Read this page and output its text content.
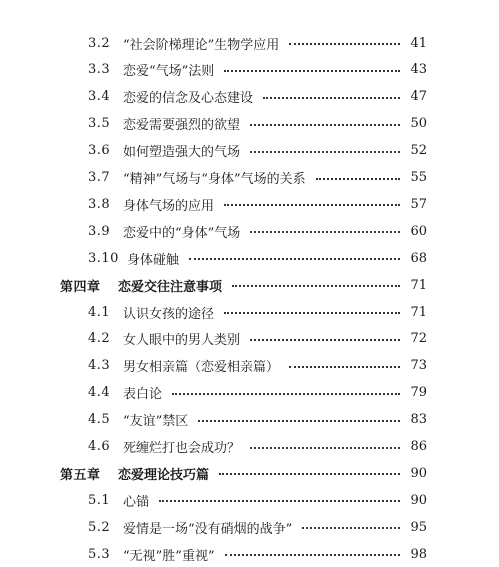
3.2 “社会阶梯理论”生物学应用	41
3.3 恋爱“气场”法则	43
3.4 恋爱的信念及心态建设	47
3.5 恋爱需要强烈的欲望	50
3.6 如何塑造强大的气场	52
3.7 “精神”气场与“身体”气场的关系	55
3.8 身体气场的应用	57
3.9 恋爱中的“身体”气场	60
3.10 身体碰触	68
第四章 恋爱交往注意事项	71
4.1 认识女孩的途径	71
4.2 女人眼中的男人类别	72
4.3 男女相亲篇（恋爱相亲篇）	73
4.4 表白论	79
4.5 “友谊”禁区	83
4.6 死缠烂打也会成功？	86
第五章 恋爱理论技巧篇	90
5.1 心锚	90
5.2 爱情是一场“没有硝烟的战争”	95
5.3 “无视”胜”重视”	98
